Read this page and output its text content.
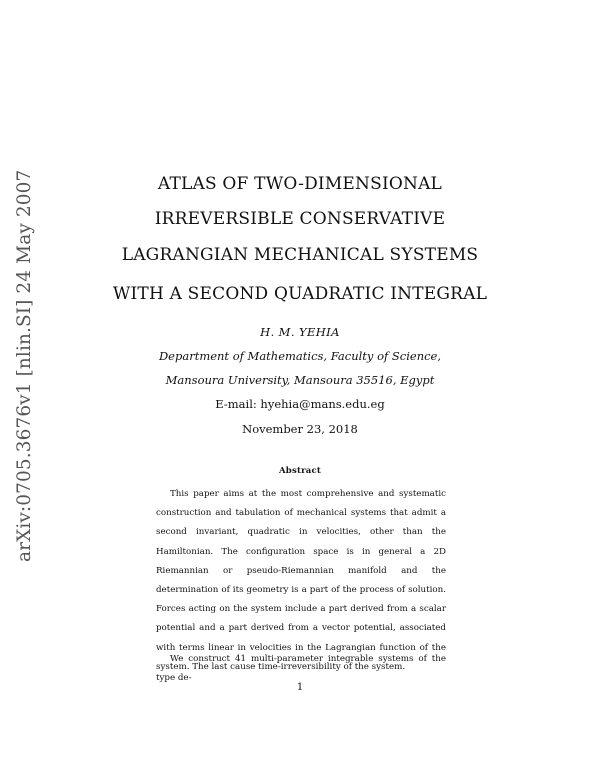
arXiv:0705.3676v1 [nlin.SI] 24 May 2007	ATLAS OF TWO-DIMENSIONAL
IRREVERSIBLE CONSERVATIVE
LAGRANGIAN MECHANICAL SYSTEMS
WITH A SECOND QUADRATIC INTEGRAL
H. M. YEHIA
Department of Mathematics, Faculty of Science,
Mansoura University, Mansoura 35516, Egypt
E-mail: hyehia@mans.edu.eg
November 23, 2018
Abstract

This paper aims at the most comprehensive and systematic construction and tabulation of mechanical systems that admit a second invariant, quadratic in velocities, other than the Hamiltonian. The configuration space is in general a 2D Riemannian or pseudo-Riemannian manifold and the determination of its geometry is a part of the process of solution. Forces acting on the system include a part derived from a scalar potential and a part derived from a vector potential, associated with terms linear in velocities in the Lagrangian function of the system. The last cause time-irreversibility of the system.

We construct 41 multi-parameter integrable systems of the type de-

1
